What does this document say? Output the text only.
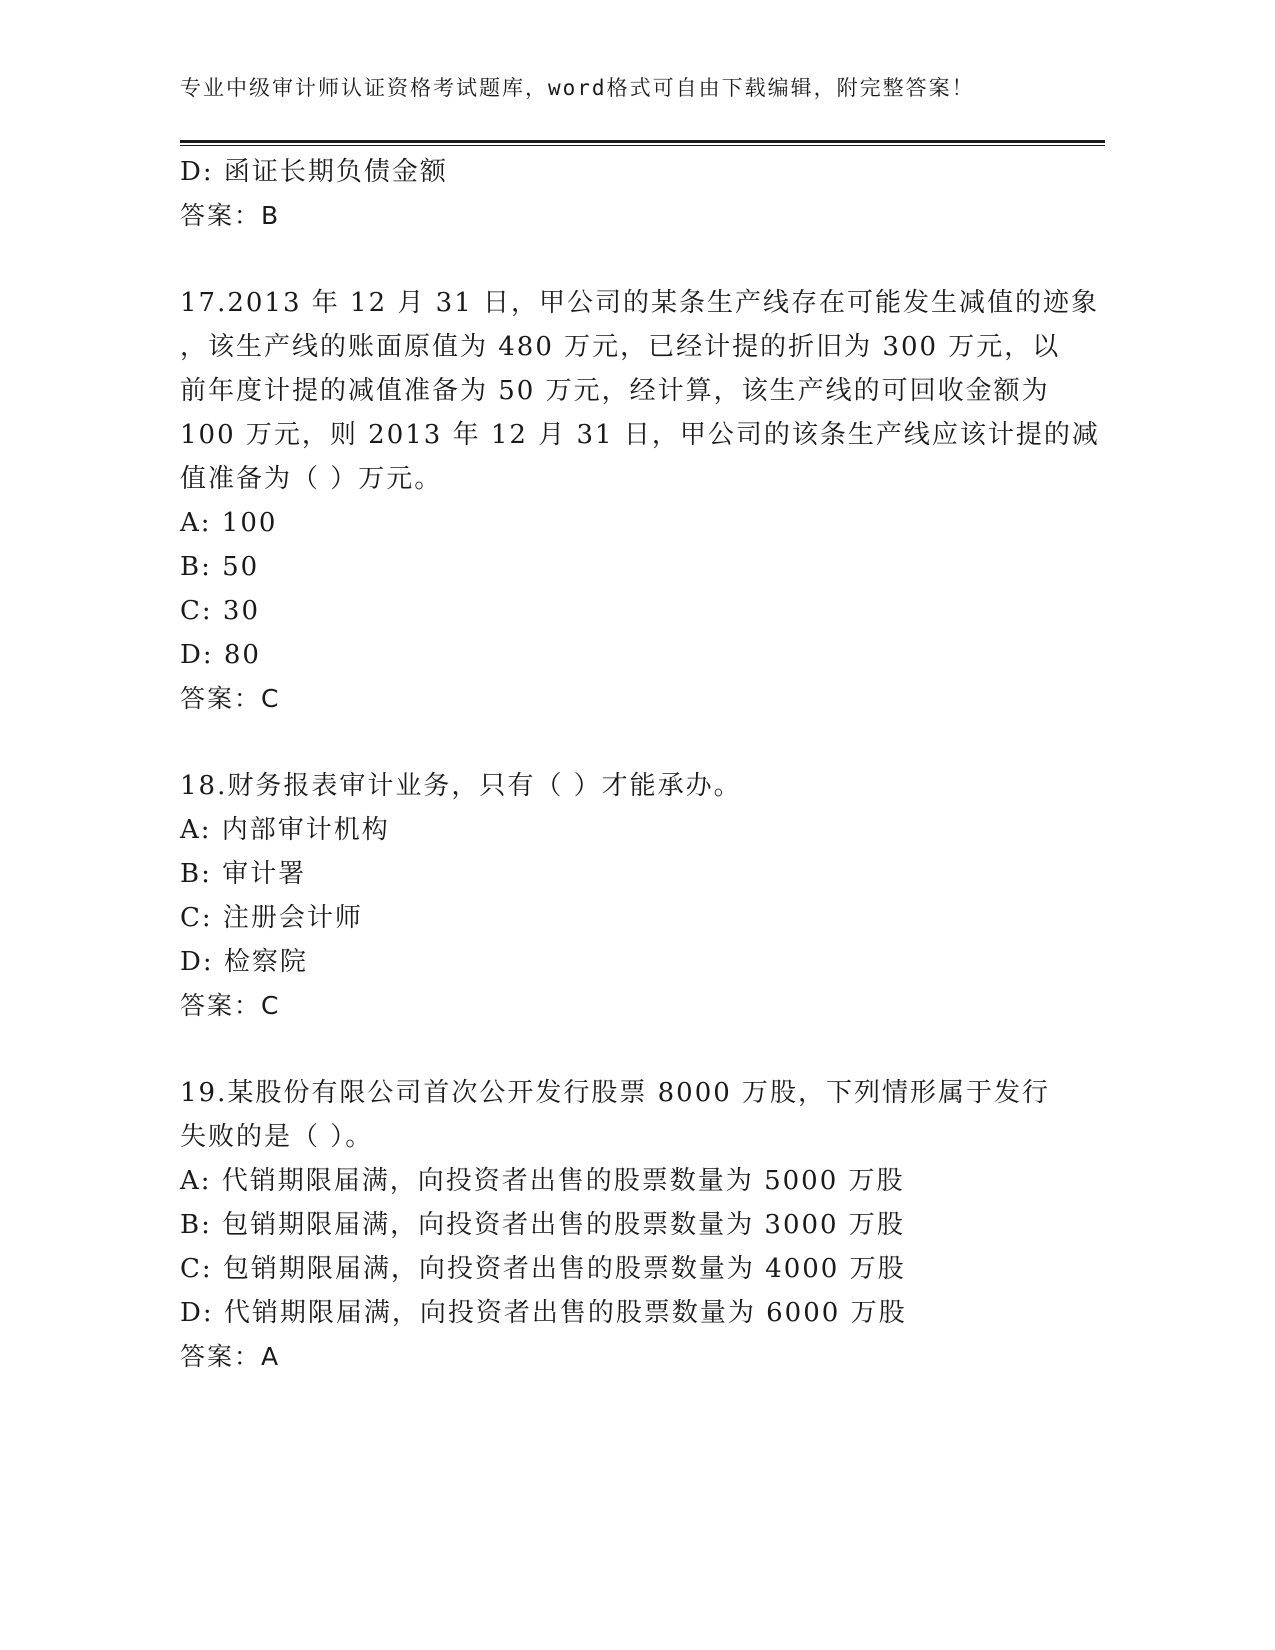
专业中级审计师认证资格考试题库，word格式可自由下载编辑，附完整答案！
D: 函证长期负债金额
答案：B
17.2013 年 12 月 31 日，甲公司的某条生产线存在可能发生减值的迹象
，该生产线的账面原值为 480 万元，已经计提的折旧为 300 万元，以
前年度计提的减值准备为 50 万元，经计算，该生产线的可回收金额为
100 万元，则 2013 年 12 月 31 日，甲公司的该条生产线应该计提的减
值准备为（ ）万元。
A: 100
B: 50
C: 30
D: 80
答案：C
18.财务报表审计业务，只有（ ）才能承办。
A: 内部审计机构
B: 审计署
C: 注册会计师
D: 检察院
答案：C
19.某股份有限公司首次公开发行股票 8000 万股，下列情形属于发行
失败的是（ ）。
A: 代销期限届满，向投资者出售的股票数量为 5000 万股
B: 包销期限届满，向投资者出售的股票数量为 3000 万股
C: 包销期限届满，向投资者出售的股票数量为 4000 万股
D: 代销期限届满，向投资者出售的股票数量为 6000 万股
答案：A
